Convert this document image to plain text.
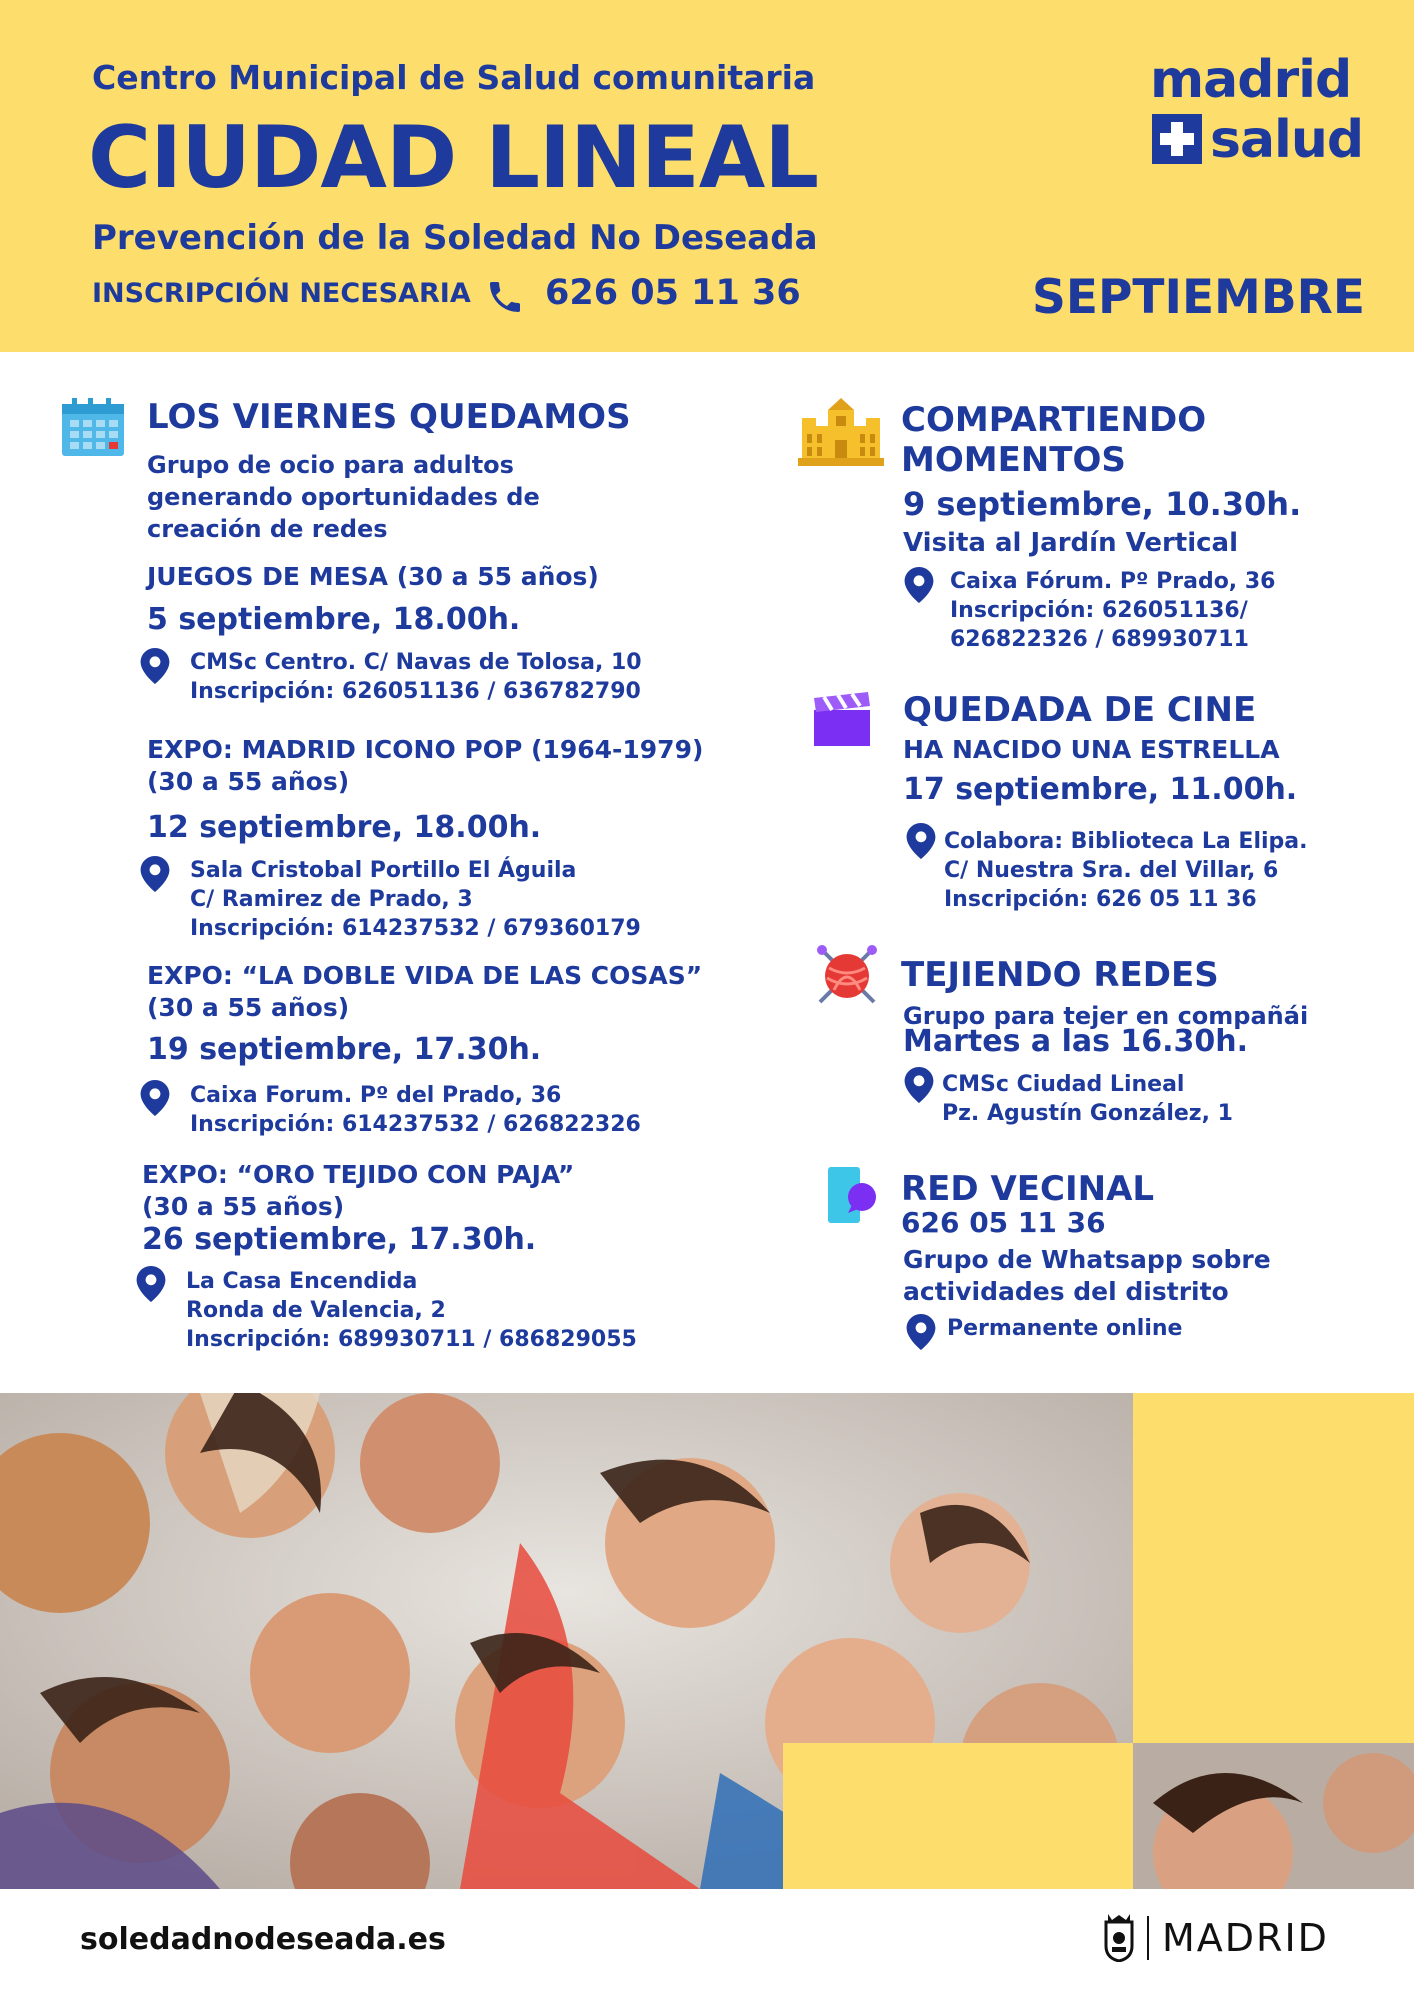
Centro Municipal de Salud comunitaria
CIUDAD LINEAL
Prevención de la Soledad No Deseada
INSCRIPCIÓN NECESARIA 626 05 11 36	SEPTIEMBRE
madrid
salud
LOS VIERNES QUEDAMOS
Grupo de ocio para adultos
generando oportunidades de
creación de redes
JUEGOS DE MESA (30 a 55 años)
5 septiembre, 18.00h.
CMSc Centro. C/ Navas de Tolosa, 10
Inscripción: 626051136 / 636782790
EXPO: MADRID ICONO POP (1964-1979)
(30 a 55 años)
12 septiembre, 18.00h.
Sala Cristobal Portillo El Águila
C/ Ramirez de Prado, 3
Inscripción: 614237532 / 679360179
EXPO: “LA DOBLE VIDA DE LAS COSAS”
(30 a 55 años)
19 septiembre, 17.30h.
Caixa Forum. Pº del Prado, 36
Inscripción: 614237532 / 626822326
EXPO: “ORO TEJIDO CON PAJA”
(30 a 55 años)
26 septiembre, 17.30h.
La Casa Encendida
Ronda de Valencia, 2
Inscripción: 689930711 / 686829055
COMPARTIENDO
MOMENTOS
9 septiembre, 10.30h.
Visita al Jardín Vertical
Caixa Fórum. Pº Prado, 36
Inscripción: 626051136/
626822326 / 689930711
QUEDADA DE CINE
HA NACIDO UNA ESTRELLA
17 septiembre, 11.00h.
Colabora: Biblioteca La Elipa.
C/ Nuestra Sra. del Villar, 6
Inscripción: 626 05 11 36
TEJIENDO REDES
Grupo para tejer en compañái
Martes a las 16.30h.
CMSc Ciudad Lineal
Pz. Agustín González, 1
RED VECINAL
626 05 11 36
Grupo de Whatsapp sobre
actividades del distrito
Permanente online
soledadnodeseada.es	MADRID
